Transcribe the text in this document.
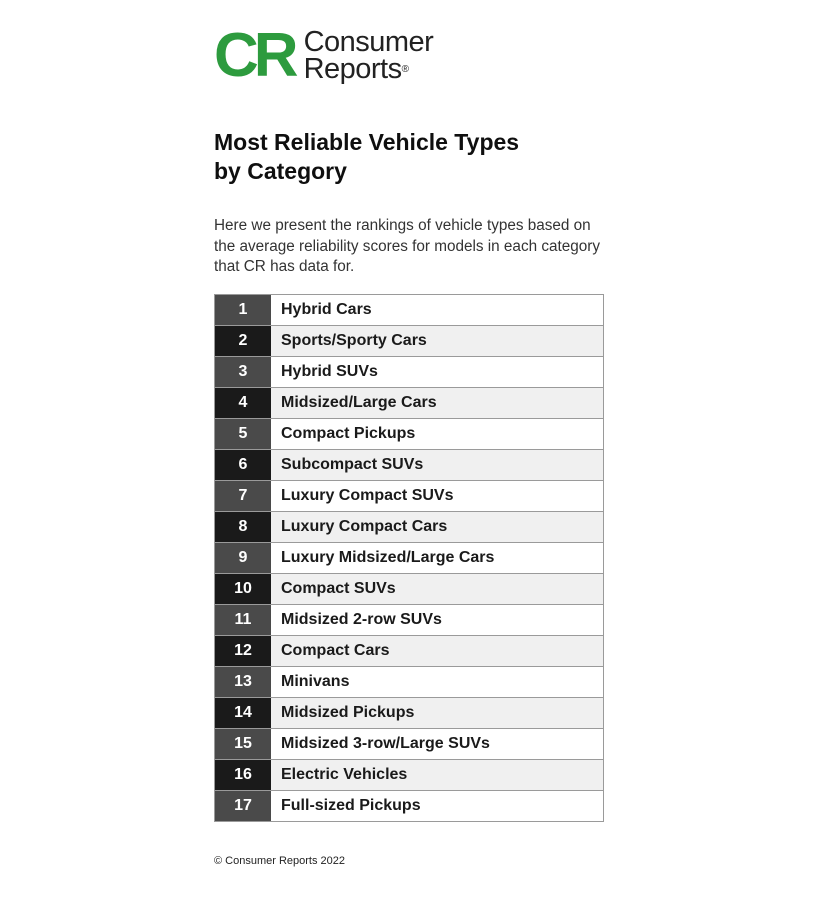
CR Consumer
Reports®
Most Reliable Vehicle Types
by Category

Here we present the rankings of vehicle types based on the average reliability scores for models in each category that CR has data for.

1	Hybrid Cars
2	Sports/Sporty Cars
3	Hybrid SUVs
4	Midsized/Large Cars
5	Compact Pickups
6	Subcompact SUVs
7	Luxury Compact SUVs
8	Luxury Compact Cars
9	Luxury Midsized/Large Cars
10	Compact SUVs
11	Midsized 2-row SUVs
12	Compact Cars
13	Minivans
14	Midsized Pickups
15	Midsized 3-row/Large SUVs
16	Electric Vehicles
17	Full-sized Pickups

© Consumer Reports 2022
